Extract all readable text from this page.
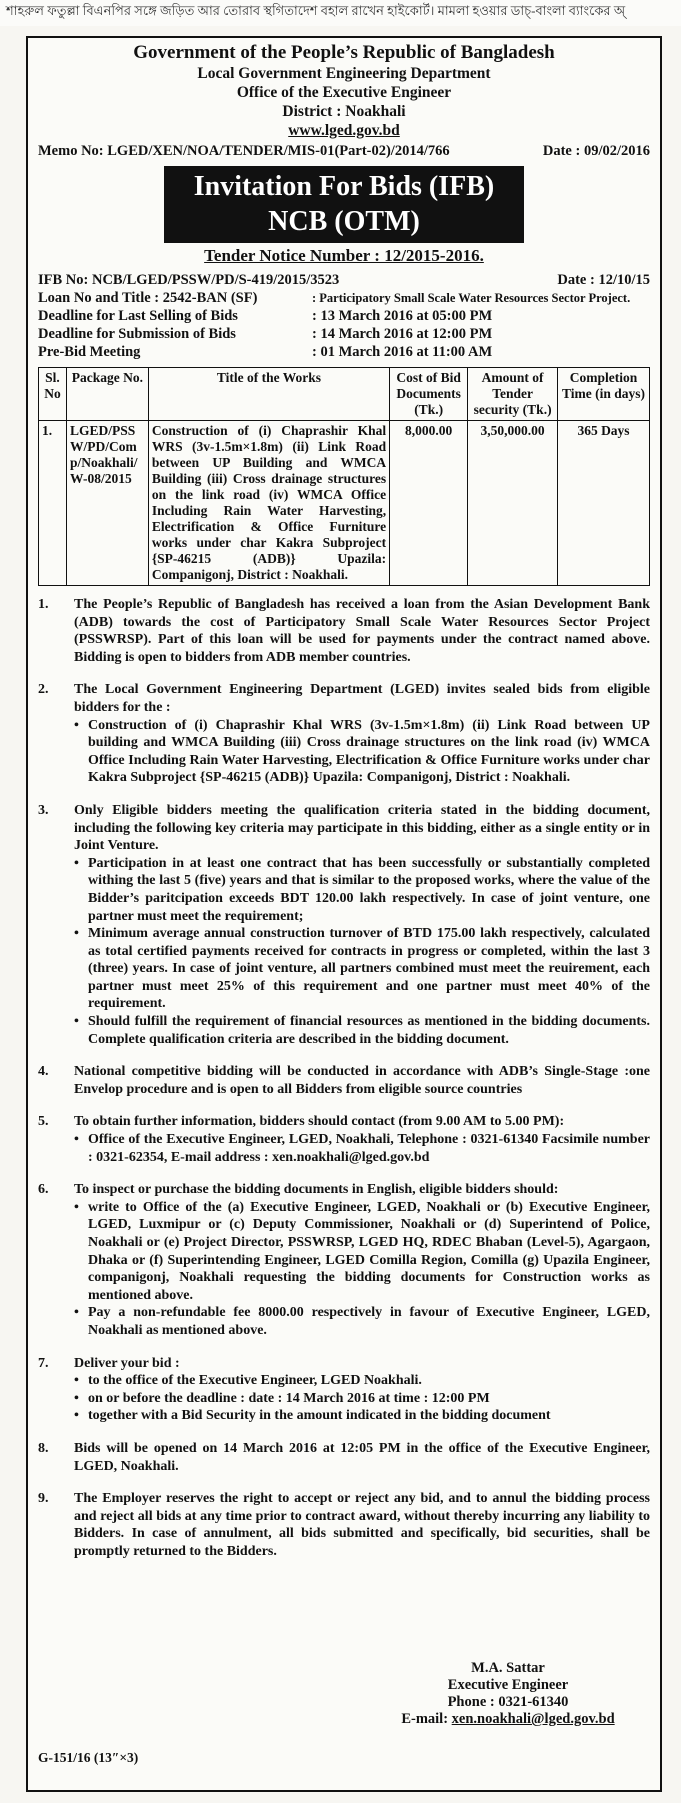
শাহরুল ফতুল্লা বিএনপির সঙ্গে জড়িত আর তোরাব স্থগিতাদেশ বহাল রাখেন হাইকোর্ট। মামলা হওয়ার ডাচ্-বাংলা ব্যাংকের অ্
Government of the People’s Republic of Bangladesh
Local Government Engineering Department
Office of the Executive Engineer
District : Noakhali
www.lged.gov.bd
Memo No: LGED/XEN/NOA/TENDER/MIS-01(Part-02)/2014/766	Date : 09/02/2016
Invitation For Bids (IFB)
NCB (OTM)
Tender Notice Number : 12/2015-2016.
IFB No: NCB/LGED/PSSW/PD/S-419/2015/3523	Date : 12/10/15
Loan No and Title : 2542-BAN (SF)	: Participatory Small Scale Water Resources Sector Project.
Deadline for Last Selling of Bids	: 13 March 2016 at 05:00 PM
Deadline for Submission of Bids	: 14 March 2016 at 12:00 PM
Pre-Bid Meeting	: 01 March 2016 at 11:00 AM
Sl. No	Package No.	Title of the Works	Cost of Bid Documents (Tk.)	Amount of Tender security (Tk.)	Completion Time (in days)
1.	LGED/PSSW/PD/Comp/Noakhali/W-08/2015	Construction of (i) Chaprashir Khal WRS (3v-1.5m×1.8m) (ii) Link Road between UP Building and WMCA Building (iii) Cross drainage structures on the link road (iv) WMCA Office Including Rain Water Harvesting, Electrification & Office Furniture works under char Kakra Subproject {SP-46215 (ADB)} Upazila: Companigonj, District : Noakhali.	8,000.00	3,50,000.00	365 Days
1.	The People’s Republic of Bangladesh has received a loan from the Asian Development Bank (ADB) towards the cost of Participatory Small Scale Water Resources Sector Project (PSSWRSP). Part of this loan will be used for payments under the contract named above. Bidding is open to bidders from ADB member countries.
2.	The Local Government Engineering Department (LGED) invites sealed bids from eligible bidders for the :
• Construction of (i) Chaprashir Khal WRS (3v-1.5m×1.8m) (ii) Link Road between UP building and WMCA Building (iii) Cross drainage structures on the link road (iv) WMCA Office Including Rain Water Harvesting, Electrification & Office Furniture works under char Kakra Subproject {SP-46215 (ADB)} Upazila: Companigonj, District : Noakhali.
3.	Only Eligible bidders meeting the qualification criteria stated in the bidding document, including the following key criteria may participate in this bidding, either as a single entity or in Joint Venture.
• Participation in at least one contract that has been successfully or substantially completed withing the last 5 (five) years and that is similar to the proposed works, where the value of the Bidder’s paritcipation exceeds BDT 120.00 lakh respectively. In case of joint venture, one partner must meet the requirement;
• Minimum average annual construction turnover of BTD 175.00 lakh respectively, calculated as total certified payments received for contracts in progress or completed, within the last 3 (three) years. In case of joint venture, all partners combined must meet the reuirement, each partner must meet 25% of this requirement and one partner must meet 40% of the requirement.
• Should fulfill the requirement of financial resources as mentioned in the bidding documents. Complete qualification criteria are described in the bidding document.
4.	National competitive bidding will be conducted in accordance with ADB’s Single-Stage :one Envelop procedure and is open to all Bidders from eligible source countries
5.	To obtain further information, bidders should contact (from 9.00 AM to 5.00 PM):
• Office of the Executive Engineer, LGED, Noakhali, Telephone : 0321-61340 Facsimile number : 0321-62354, E-mail address : xen.noakhali@lged.gov.bd
6.	To inspect or purchase the bidding documents in English, eligible bidders should:
• write to Office of the (a) Executive Engineer, LGED, Noakhali or (b) Executive Engineer, LGED, Luxmipur or (c) Deputy Commissioner, Noakhali or (d) Superintend of Police, Noakhali or (e) Project Director, PSSWRSP, LGED HQ, RDEC Bhaban (Level-5), Agargaon, Dhaka or (f) Superintending Engineer, LGED Comilla Region, Comilla (g) Upazila Engineer, companigonj, Noakhali requesting the bidding documents for Construction works as mentioned above.
• Pay a non-refundable fee 8000.00 respectively in favour of Executive Engineer, LGED, Noakhali as mentioned above.
7.	Deliver your bid :
• to the office of the Executive Engineer, LGED Noakhali.
• on or before the deadline : date : 14 March 2016 at time : 12:00 PM
• together with a Bid Security in the amount indicated in the bidding document
8.	Bids will be opened on 14 March 2016 at 12:05 PM in the office of the Executive Engineer, LGED, Noakhali.
9.	The Employer reserves the right to accept or reject any bid, and to annul the bidding process and reject all bids at any time prior to contract award, without thereby incurring any liability to Bidders. In case of annulment, all bids submitted and specifically, bid securities, shall be promptly returned to the Bidders.
M.A. Sattar
Executive Engineer
Phone : 0321-61340
E-mail: xen.noakhali@lged.gov.bd
G-151/16 (13″×3)
